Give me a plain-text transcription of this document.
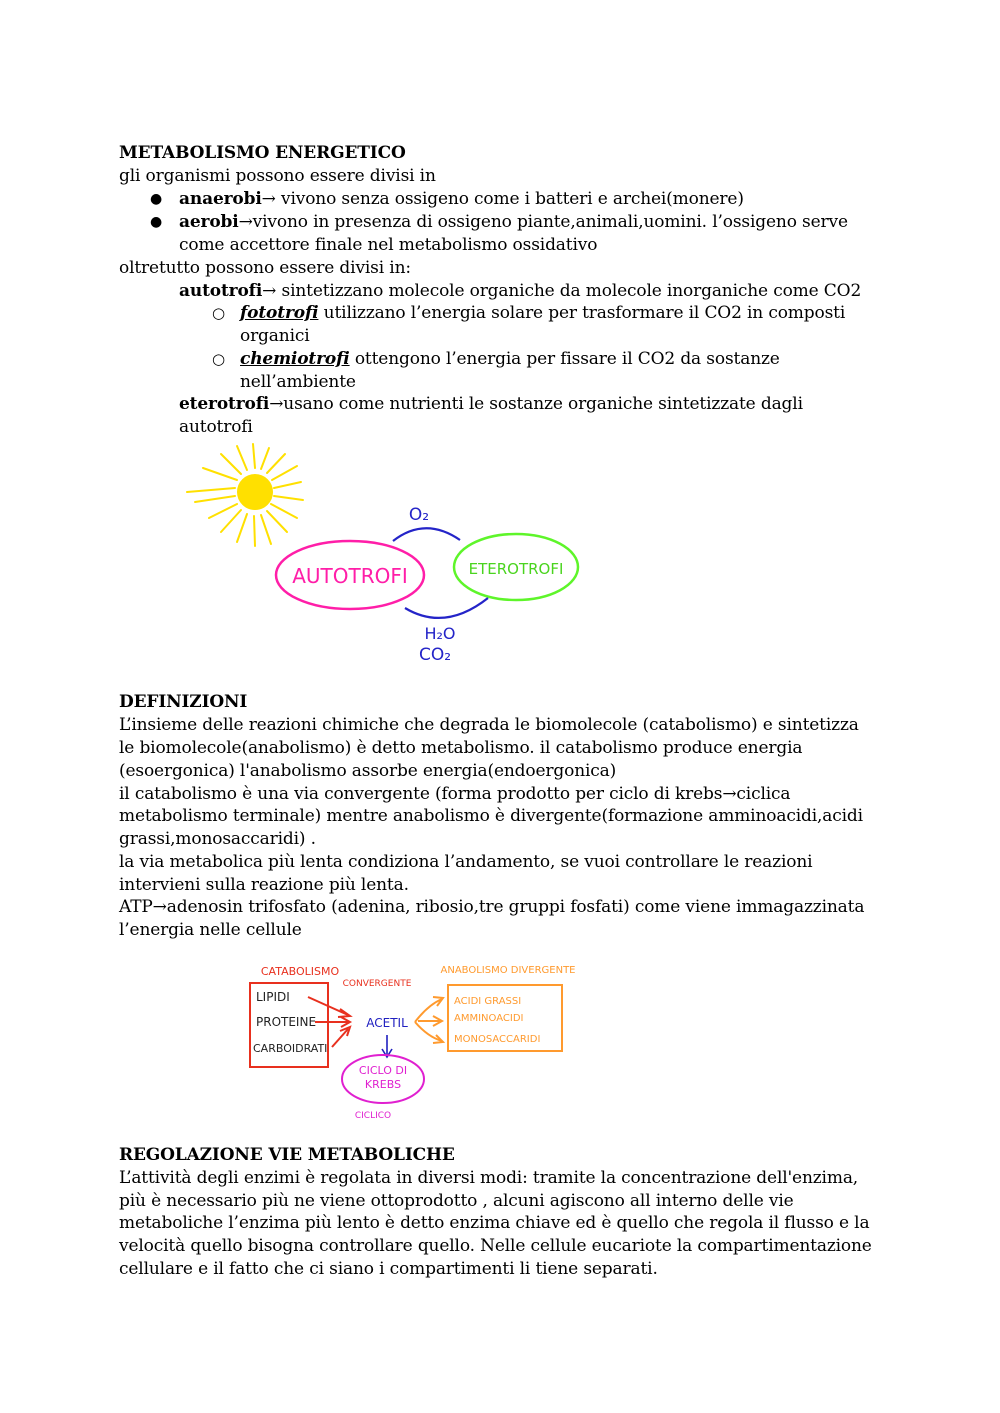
METABOLISMO ENERGETICO
gli organismi possono essere divisi in
● anaerobi→ vivono senza ossigeno come i batteri e archei(monere)
● aerobi→vivono in presenza di ossigeno piante,animali,uomini. l’ossigeno serve
come accettore finale nel metabolismo ossidativo
oltretutto possono essere divisi in:
autotrofi→ sintetizzano molecole organiche da molecole inorganiche come CO2
○ fototrofi utilizzano l’energia solare per trasformare il CO2 in composti
organici
○ chemiotrofi ottengono l’energia per fissare il CO2 da sostanze
nell’ambiente
eterotrofi→usano come nutrienti le sostanze organiche sintetizzate dagli
autotrofi
AUTOTROFI	ETEROTROFI
O₂
H₂O
CO₂
DEFINIZIONI
L’insieme delle reazioni chimiche che degrada le biomolecole (catabolismo) e sintetizza
le biomolecole(anabolismo) è detto metabolismo. il catabolismo produce energia
(esoergonica) l'anabolismo assorbe energia(endoergonica)
il catabolismo è una via convergente (forma prodotto per ciclo di krebs→ciclica
metabolismo terminale) mentre anabolismo è divergente(formazione amminoacidi,acidi
grassi,monosaccaridi) .
la via metabolica più lenta condiziona l’andamento, se vuoi controllare le reazioni
intervieni sulla reazione più lenta.
ATP→adenosin trifosfato (adenina, ribosio,tre gruppi fosfati) come viene immagazzinata
l’energia nelle cellule
CATABOLISMO
CONVERGENTE
LIPIDI
PROTEINE
CARBOIDRATI
ACETIL
CICLO DI
KREBS
CICLICO
ANABOLISMO DIVERGENTE
ACIDI GRASSI
AMMINOACIDI
MONOSACCARIDI
REGOLAZIONE VIE METABOLICHE
L’attività degli enzimi è regolata in diversi modi: tramite la concentrazione dell'enzima,
più è necessario più ne viene ottoprodotto , alcuni agiscono all interno delle vie
metaboliche l’enzima più lento è detto enzima chiave ed è quello che regola il flusso e la
velocità quello bisogna controllare quello. Nelle cellule eucariote la compartimentazione
cellulare e il fatto che ci siano i compartimenti li tiene separati.
